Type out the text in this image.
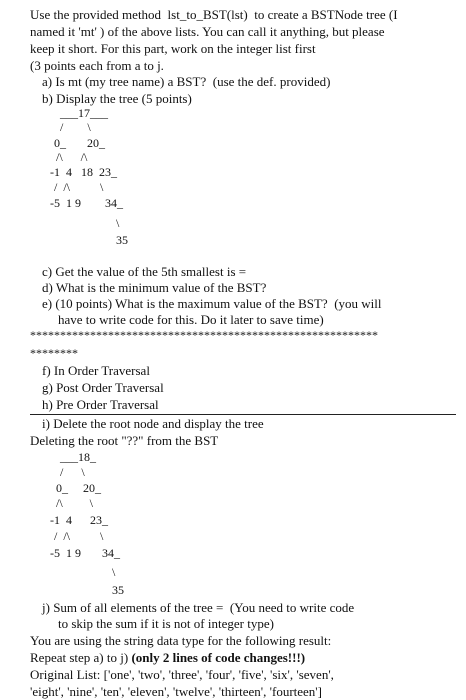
Use the provided method  lst_to_BST(lst)  to create a BSTNode tree (I
named it 'mt' ) of the above lists. You can call it anything, but please
keep it short. For this part, work on the integer list first
(3 points each from a to j.
a) Is mt (my tree name) a BST?  (use the def. provided)
b) Display the tree (5 points)
___17___
/        \
0_       20_
/\      /\
-1  4   18  23_
/  /\          \
-5  1 9        34_
\
35
c) Get the value of the 5th smallest is =
d) What is the minimum value of the BST?
e) (10 points) What is the maximum value of the BST?  (you will
have to write code for this. Do it later to save time)
**********************************************************
********
f) In Order Traversal
g) Post Order Traversal
h) Pre Order Traversal
i) Delete the root node and display the tree
Deleting the root "??" from the BST
___18_
/      \
0_     20_
/\         \
-1  4      23_
/  /\          \
-5  1 9       34_
\
35
j) Sum of all elements of the tree =  (You need to write code
to skip the sum if it is not of integer type)
You are using the string data type for the following result:
Repeat step a) to j) (only 2 lines of code changes!!!)
Original List: ['one', 'two', 'three', 'four', 'five', 'six', 'seven',
'eight', 'nine', 'ten', 'eleven', 'twelve', 'thirteen', 'fourteen']
